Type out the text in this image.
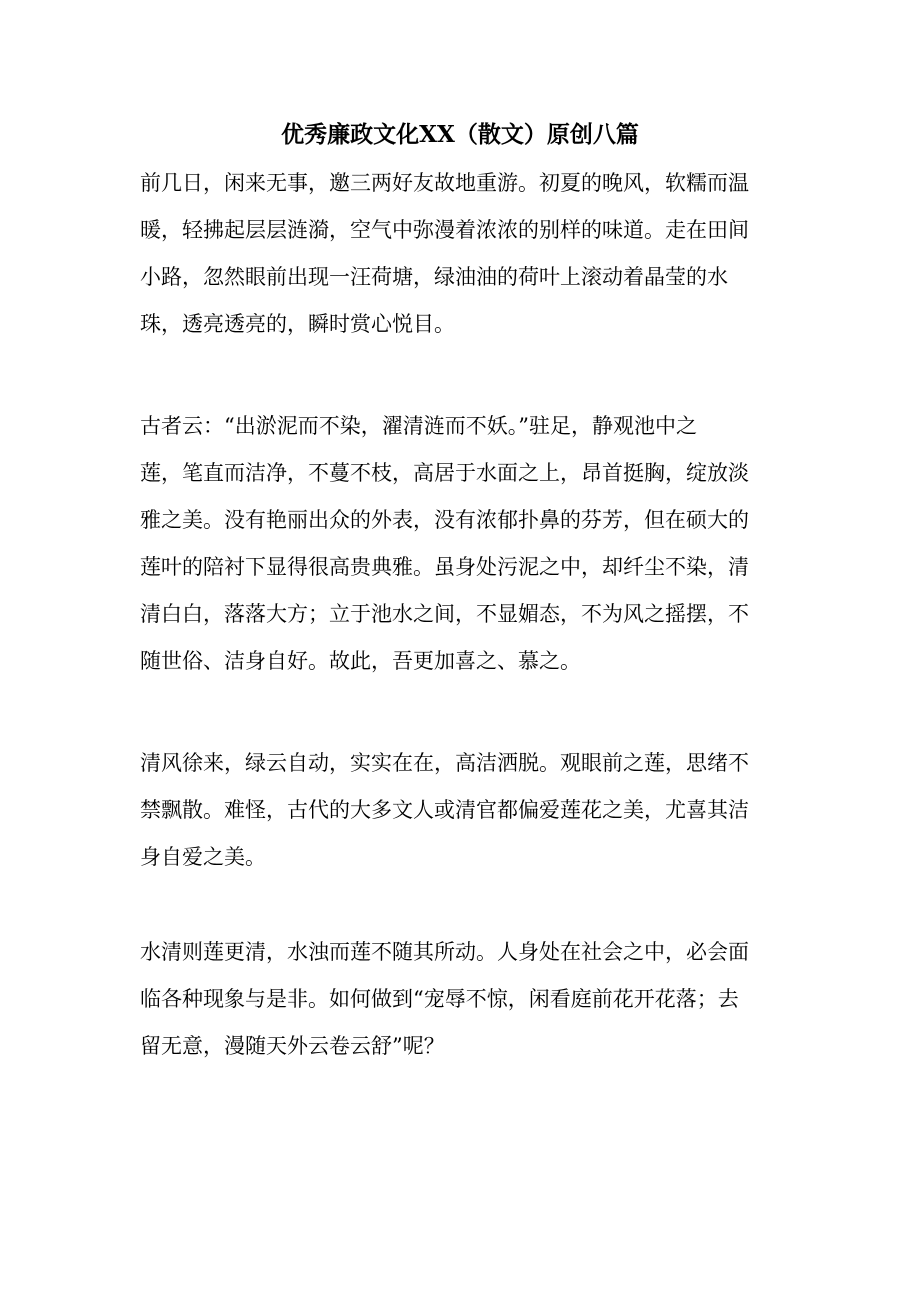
优秀廉政文化XX（散文）原创八篇

前几日，闲来无事，邀三两好友故地重游。初夏的晚风，软糯而温
暖，轻拂起层层涟漪，空气中弥漫着浓浓的别样的味道。走在田间
小路，忽然眼前出现一汪荷塘，绿油油的荷叶上滚动着晶莹的水
珠，透亮透亮的，瞬时赏心悦目。

古者云：“出淤泥而不染，濯清涟而不妖。”驻足，静观池中之
莲，笔直而洁净，不蔓不枝，高居于水面之上，昂首挺胸，绽放淡
雅之美。没有艳丽出众的外表，没有浓郁扑鼻的芬芳，但在硕大的
莲叶的陪衬下显得很高贵典雅。虽身处污泥之中，却纤尘不染，清
清白白，落落大方；立于池水之间，不显媚态，不为风之摇摆，不
随世俗、洁身自好。故此，吾更加喜之、慕之。

清风徐来，绿云自动，实实在在，高洁洒脱。观眼前之莲，思绪不
禁飘散。难怪，古代的大多文人或清官都偏爱莲花之美，尤喜其洁
身自爱之美。

水清则莲更清，水浊而莲不随其所动。人身处在社会之中，必会面
临各种现象与是非。如何做到“宠辱不惊，闲看庭前花开花落；去
留无意，漫随天外云卷云舒”呢？
